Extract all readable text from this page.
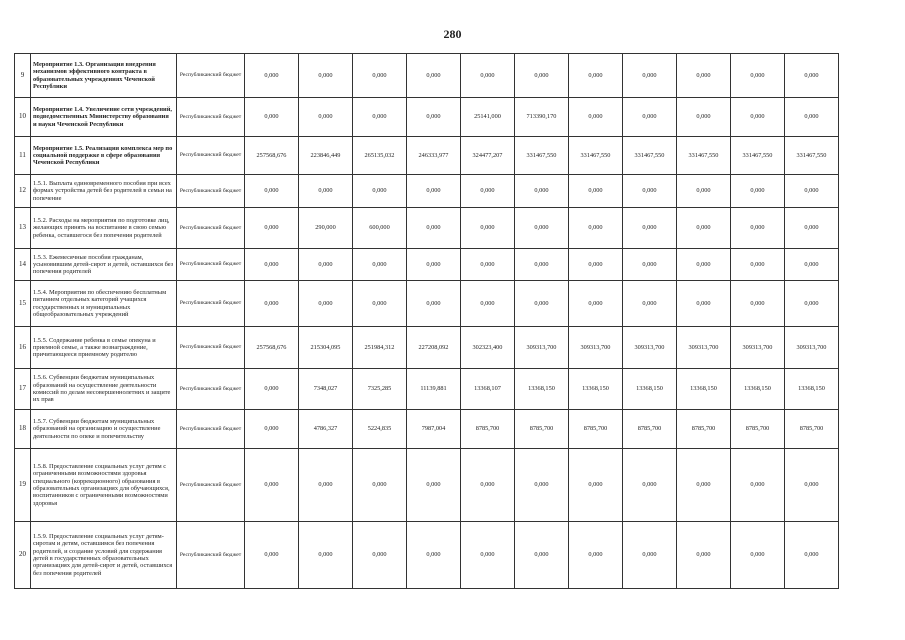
280
9	Мероприятие 1.3. Организация внедрения механизмов эффективного контракта в образовательных учреждениях Чеченской Республики	Республиканский бюджет	0,000	0,000	0,000	0,000	0,000	0,000	0,000	0,000	0,000	0,000	0,000
10	Мероприятие 1.4. Увеличение сети учреждений, подведомственных Министерству образования и науки Чеченской Республики	Республиканский бюджет	0,000	0,000	0,000	0,000	25141,000	713390,170	0,000	0,000	0,000	0,000	0,000
11	Мероприятие 1.5. Реализация комплекса мер по социальной поддержке в сфере образования Чеченской Республики	Республиканский бюджет	257568,676	223846,449	265135,032	246333,977	324477,207	331467,550	331467,550	331467,550	331467,550	331467,550	331467,550
12	1.5.1. Выплата единовременного пособия при всех формах устройства детей без родителей в семьи на попечение	Республиканский бюджет	0,000	0,000	0,000	0,000	0,000	0,000	0,000	0,000	0,000	0,000	0,000
13	1.5.2. Расходы на мероприятия по подготовке лиц, желающих принять на воспитание в свою семью ребенка, оставшегося без попечения родителей	Республиканский бюджет	0,000	290,000	600,000	0,000	0,000	0,000	0,000	0,000	0,000	0,000	0,000
14	1.5.3. Ежемесячные пособия гражданам, усыновившим детей-сирот и детей, оставшихся без попечения родителей	Республиканский бюджет	0,000	0,000	0,000	0,000	0,000	0,000	0,000	0,000	0,000	0,000	0,000
15	1.5.4. Мероприятия по обеспечению бесплатным питанием отдельных категорий учащихся государственных и муниципальных общеобразовательных учреждений	Республиканский бюджет	0,000	0,000	0,000	0,000	0,000	0,000	0,000	0,000	0,000	0,000	0,000
16	1.5.5. Содержание ребенка в семье опекуна и приемной семье, а также вознаграждение, причитающееся приемному родителю	Республиканский бюджет	257568,676	215304,095	251984,312	227208,092	302323,400	309313,700	309313,700	309313,700	309313,700	309313,700	309313,700
17	1.5.6. Субвенции бюджетам муниципальных образований на осуществление деятельности комиссий по делам несовершеннолетних и защите их прав	Республиканский бюджет	0,000	7348,027	7325,285	11139,881	13368,107	13368,150	13368,150	13368,150	13368,150	13368,150	13368,150
18	1.5.7. Субвенции бюджетам муниципальных образований на организацию и осуществление деятельности по опеке и попечительству	Республиканский бюджет	0,000	4786,327	5224,835	7987,004	8785,700	8785,700	8785,700	8785,700	8785,700	8785,700	8785,700
19	1.5.8. Предоставление социальных услуг детям с ограниченными возможностями здоровья специального (коррекционного) образования в образовательных организациях для обучающихся, воспитанников с ограниченными возможностями здоровья	Республиканский бюджет	0,000	0,000	0,000	0,000	0,000	0,000	0,000	0,000	0,000	0,000	0,000
20	1.5.9. Предоставление социальных услуг детям-сиротам и детям, оставшимся без попечения родителей, и создание условий для содержания детей в государственных образовательных организациях для детей-сирот и детей, оставшихся без попечения родителей	Республиканский бюджет	0,000	0,000	0,000	0,000	0,000	0,000	0,000	0,000	0,000	0,000	0,000
